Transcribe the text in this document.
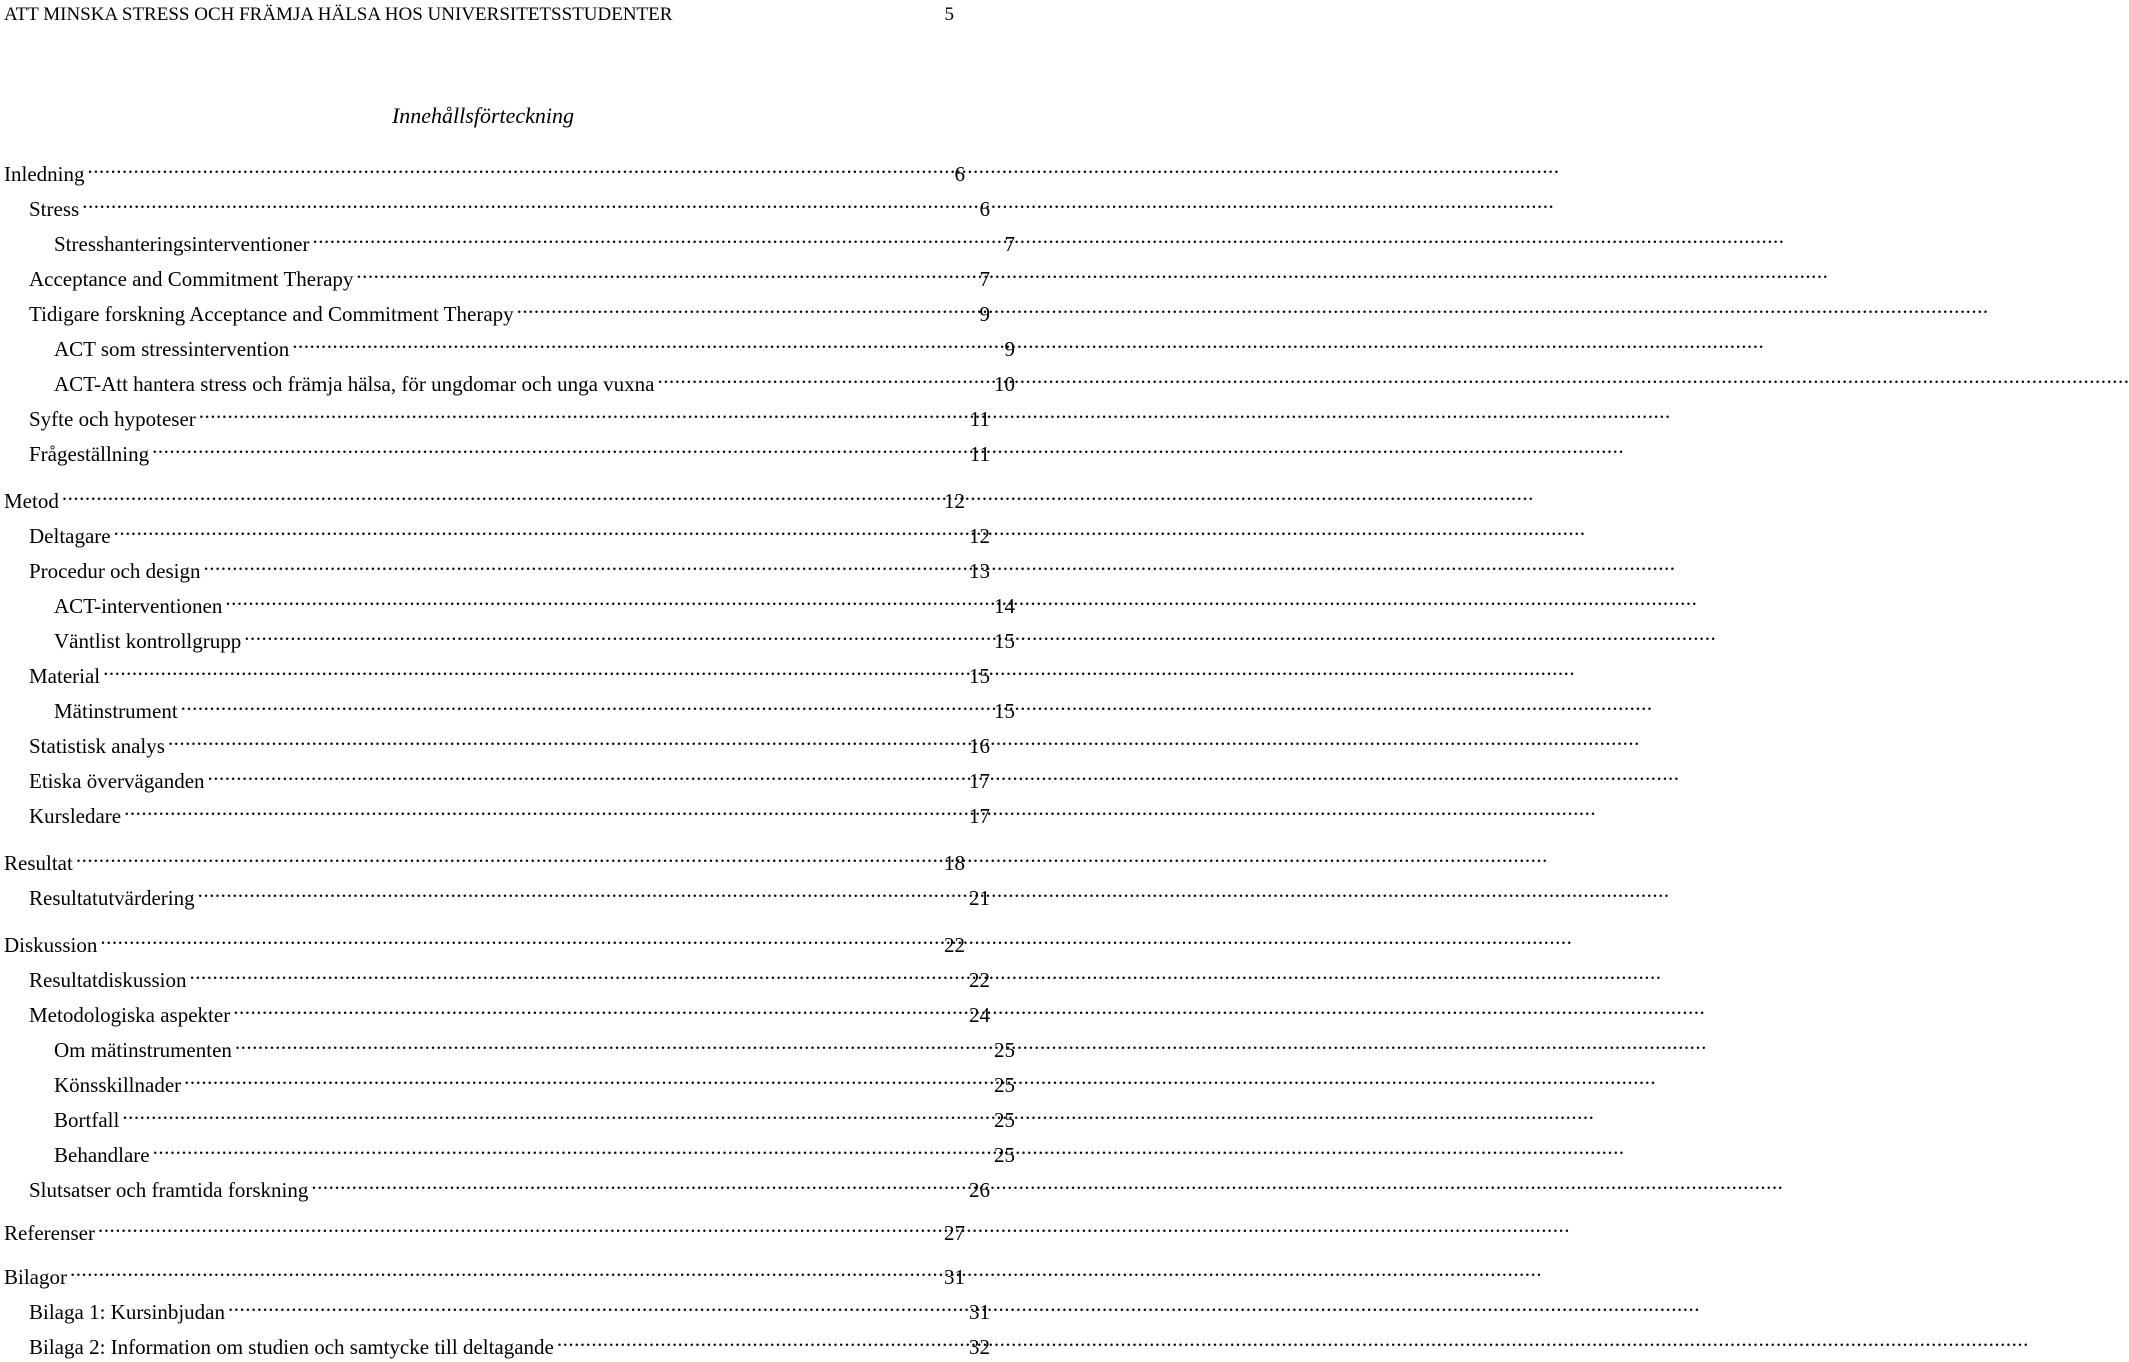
ATT MINSKA STRESS OCH FRÄMJA HÄLSA HOS UNIVERSITETSSTUDENTER	5
Innehållsförteckning
Inledning .....	6
Stress .....	6
Stresshanteringsinterventioner .....	7
Acceptance and Commitment Therapy .....	7
Tidigare forskning Acceptance and Commitment Therapy .....	9
ACT som stressintervention .....	9
ACT-Att hantera stress och främja hälsa, för ungdomar och unga vuxna .....	10
Syfte och hypoteser .....	11
Frågeställning .....	11
Metod .....	12
Deltagare .....	12
Procedur och design .....	13
ACT-interventionen .....	14
Väntlist kontrollgrupp .....	15
Material .....	15
Mätinstrument .....	15
Statistisk analys .....	16
Etiska överväganden .....	17
Kursledare .....	17
Resultat .....	18
Resultatutvärdering .....	21
Diskussion .....	22
Resultatdiskussion .....	22
Metodologiska aspekter .....	24
Om mätinstrumenten .....	25
Könsskillnader .....	25
Bortfall .....	25
Behandlare .....	25
Slutsatser och framtida forskning .....	26
Referenser .....	27
Bilagor .....	31
Bilaga 1: Kursinbjudan .....	31
Bilaga 2: Information om studien och samtycke till deltagande .....	32
